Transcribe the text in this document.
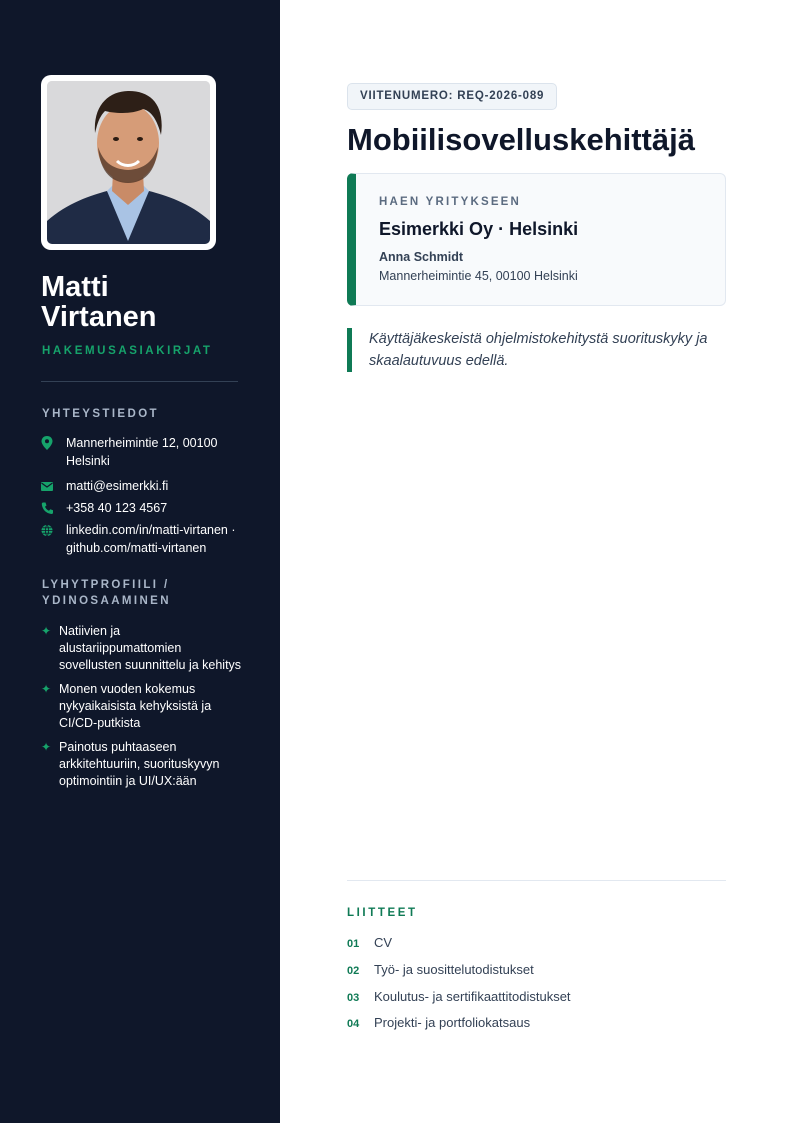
Matti
Virtanen
HAKEMUSASIAKIRJAT
YHTEYSTIEDOT
Mannerheimintie 12, 00100 Helsinki
matti@esimerkki.fi
+358 40 123 4567
linkedin.com/in/matti-virtanen · github.com/matti-virtanen
LYHYTPROFIILI / YDINOSAAMINEN
✦ Natiivien ja alustariippumattomien sovellusten suunnittelu ja kehitys
✦ Monen vuoden kokemus nykyaikaisista kehyksistä ja CI/CD-putkista
✦ Painotus puhtaaseen arkkitehtuuriin, suorituskyvyn optimointiin ja UI/UX:ään
VIITENUMERO: REQ-2026-089
Mobiilisovelluskehittäjä
HAEN YRITYKSEEN
Esimerkki Oy · Helsinki
Anna Schmidt
Mannerheimintie 45, 00100 Helsinki
Käyttäjäkeskeistä ohjelmistokehitystä suorituskyky ja skaalautuvuus edellä.
LIITTEET
01	CV
02	Työ- ja suosittelutodistukset
03	Koulutus- ja sertifikaattitodistukset
04	Projekti- ja portfoliokatsaus
